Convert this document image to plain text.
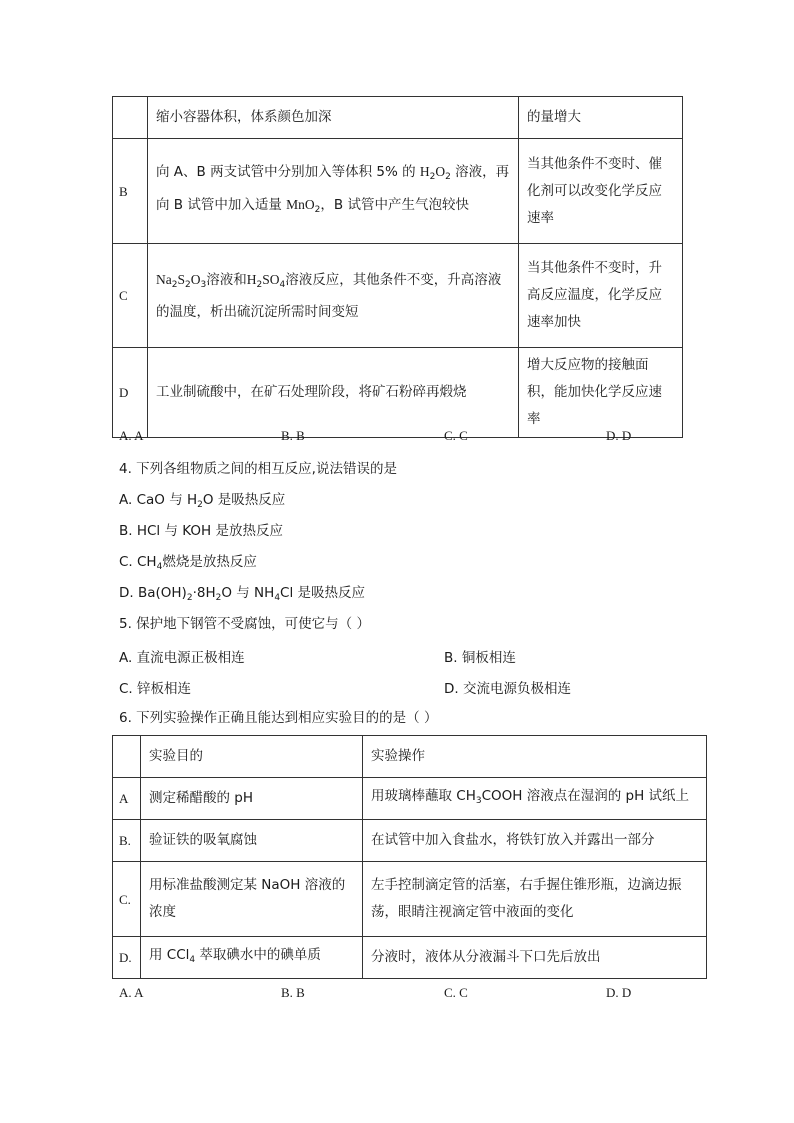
	缩小容器体积，体系颜色加深	的量增大
B	向 A、B 两支试管中分别加入等体积 5% 的 $H_2O_2$ 溶液，再向 B 试管中加入适量 MnO$_2$，B 试管中产生气泡较快	当其他条件不变时、催化剂可以改变化学反应速率
C	$Na_2S_2O_3$溶液和$H_2SO_4$溶液反应，其他条件不变，升高溶液的温度，析出硫沉淀所需时间变短	当其他条件不变时，升高反应温度，化学反应速率加快
D	工业制硫酸中，在矿石处理阶段，将矿石粉碎再煅烧	增大反应物的接触面积，能加快化学反应速率
A. A	B. B	C. C	D. D
4. 下列各组物质之间的相互反应,说法错误的是
A. CaO 与 $H_2O$ 是吸热反应
B. HCl 与 KOH 是放热反应
C. $CH_4$燃烧是放热反应
D. $Ba(OH)_2\cdot 8H_2O$ 与 $NH_4Cl$ 是吸热反应
5. 保护地下钢管不受腐蚀，可使它与（ ）
A. 直流电源正极相连	B. 铜板相连
C. 锌板相连	D. 交流电源负极相连
6. 下列实验操作正确且能达到相应实验目的的是（ ）
	实验目的	实验操作
A	测定稀醋酸的 pH	用玻璃棒蘸取 $CH_3COOH$ 溶液点在湿润的 pH 试纸上
B.	验证铁的吸氧腐蚀	在试管中加入食盐水，将铁钉放入并露出一部分
C.	用标准盐酸测定某 NaOH 溶液的浓度	左手控制滴定管的活塞，右手握住锥形瓶，边滴边振荡，眼睛注视滴定管中液面的变化
D.	用 CCl$_4$ 萃取碘水中的碘单质	分液时，液体从分液漏斗下口先后放出
A. A	B. B	C. C	D. D
